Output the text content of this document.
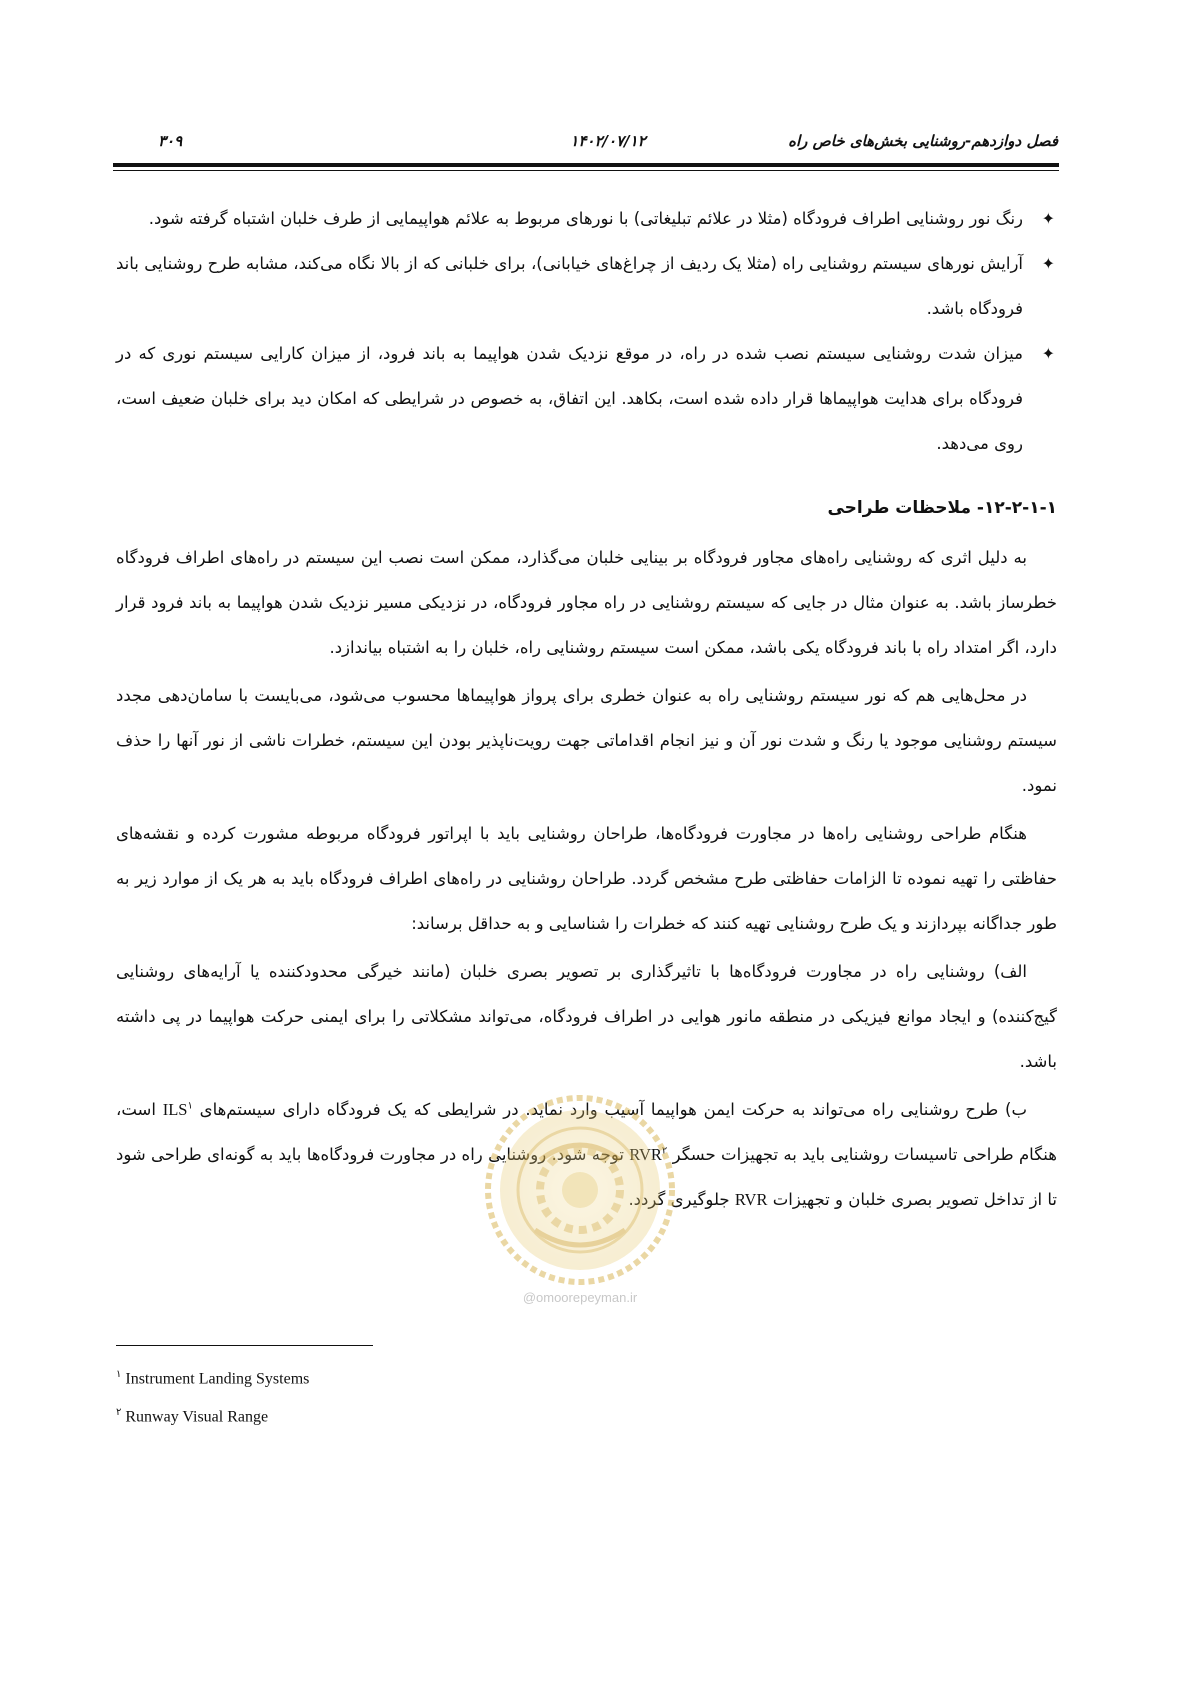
فصل دوازدهم-روشنایی بخش‌های خاص راه
۱۴۰۲/۰۷/۱۲
۳۰۹
✦
رنگ نور روشنایی اطراف فرودگاه (مثلا در علائم تبلیغاتی) با نورهای مربوط به علائم هواپیمایی از طرف خلبان اشتباه گرفته شود.
✦
آرایش نورهای سیستم روشنایی راه (مثلا یک ردیف از چراغ‌های خیابانی)، برای خلبانی که از بالا نگاه می‌کند، مشابه طرح روشنایی باند فرودگاه باشد.
✦
میزان شدت روشنایی سیستم نصب شده در راه، در موقع نزدیک شدن هواپیما به باند فرود، از میزان کارایی سیستم نوری که در فرودگاه برای هدایت هواپیماها قرار داده شده است، بکاهد. این اتفاق، به خصوص در شرایطی که امکان دید برای خلبان ضعیف است، روی می‌دهد.
۱۲-۲-۱-۱- ملاحظات طراحی

به دلیل اثری که روشنایی راه‌های مجاور فرودگاه بر بینایی خلبان می‌گذارد، ممکن است نصب این سیستم در راه‌های اطراف فرودگاه خطرساز باشد. به عنوان مثال در جایی که سیستم روشنایی در راه مجاور فرودگاه، در نزدیکی مسیر نزدیک شدن هواپیما به باند فرود قرار دارد، اگر امتداد راه با باند فرودگاه یکی باشد، ممکن است سیستم روشنایی راه، خلبان را به اشتباه بیاندازد.

در محل‌هایی هم که نور سیستم روشنایی راه به عنوان خطری برای پرواز هواپیماها محسوب می‌شود، می‌بایست با سامان‌دهی مجدد سیستم روشنایی موجود یا رنگ و شدت نور آن و نیز انجام اقداماتی جهت رویت‌ناپذیر بودن این سیستم، خطرات ناشی از نور آنها را حذف نمود.

هنگام طراحی روشنایی راه‌ها در مجاورت فرودگاه‌ها، طراحان روشنایی باید با اپراتور فرودگاه مربوطه مشورت کرده و نقشه‌های حفاظتی را تهیه نموده تا الزامات حفاظتی طرح مشخص گردد. طراحان روشنایی در راه‌های اطراف فرودگاه باید به هر یک از موارد زیر به طور جداگانه بپردازند و یک طرح روشنایی تهیه کنند که خطرات را شناسایی و به حداقل برساند:

الف) روشنایی راه در مجاورت فرودگاه‌ها با تاثیرگذاری بر تصویر بصری خلبان (مانند خیرگی محدودکننده یا آرایه‌های روشنایی گیج‌کننده) و ایجاد موانع فیزیکی در منطقه مانور هوایی در اطراف فرودگاه، می‌تواند مشکلاتی را برای ایمنی حرکت هواپیما در پی داشته باشد.

ب) طرح روشنایی راه می‌تواند به حرکت ایمن هواپیما آسیب وارد نماید. در شرایطی که یک فرودگاه دارای سیستم‌های ILS$^۱$ است، هنگام طراحی تاسیسات روشنایی باید به تجهیزات حسگر RVR$^۲$ توجه شود. روشنایی راه در مجاورت فرودگاه‌ها باید به گونه‌ای طراحی شود تا از تداخل تصویر بصری خلبان و تجهیزات RVR جلوگیری گردد.

@omoorepeyman.ir
$^۱$ Instrument Landing Systems
$^۲$ Runway Visual Range
